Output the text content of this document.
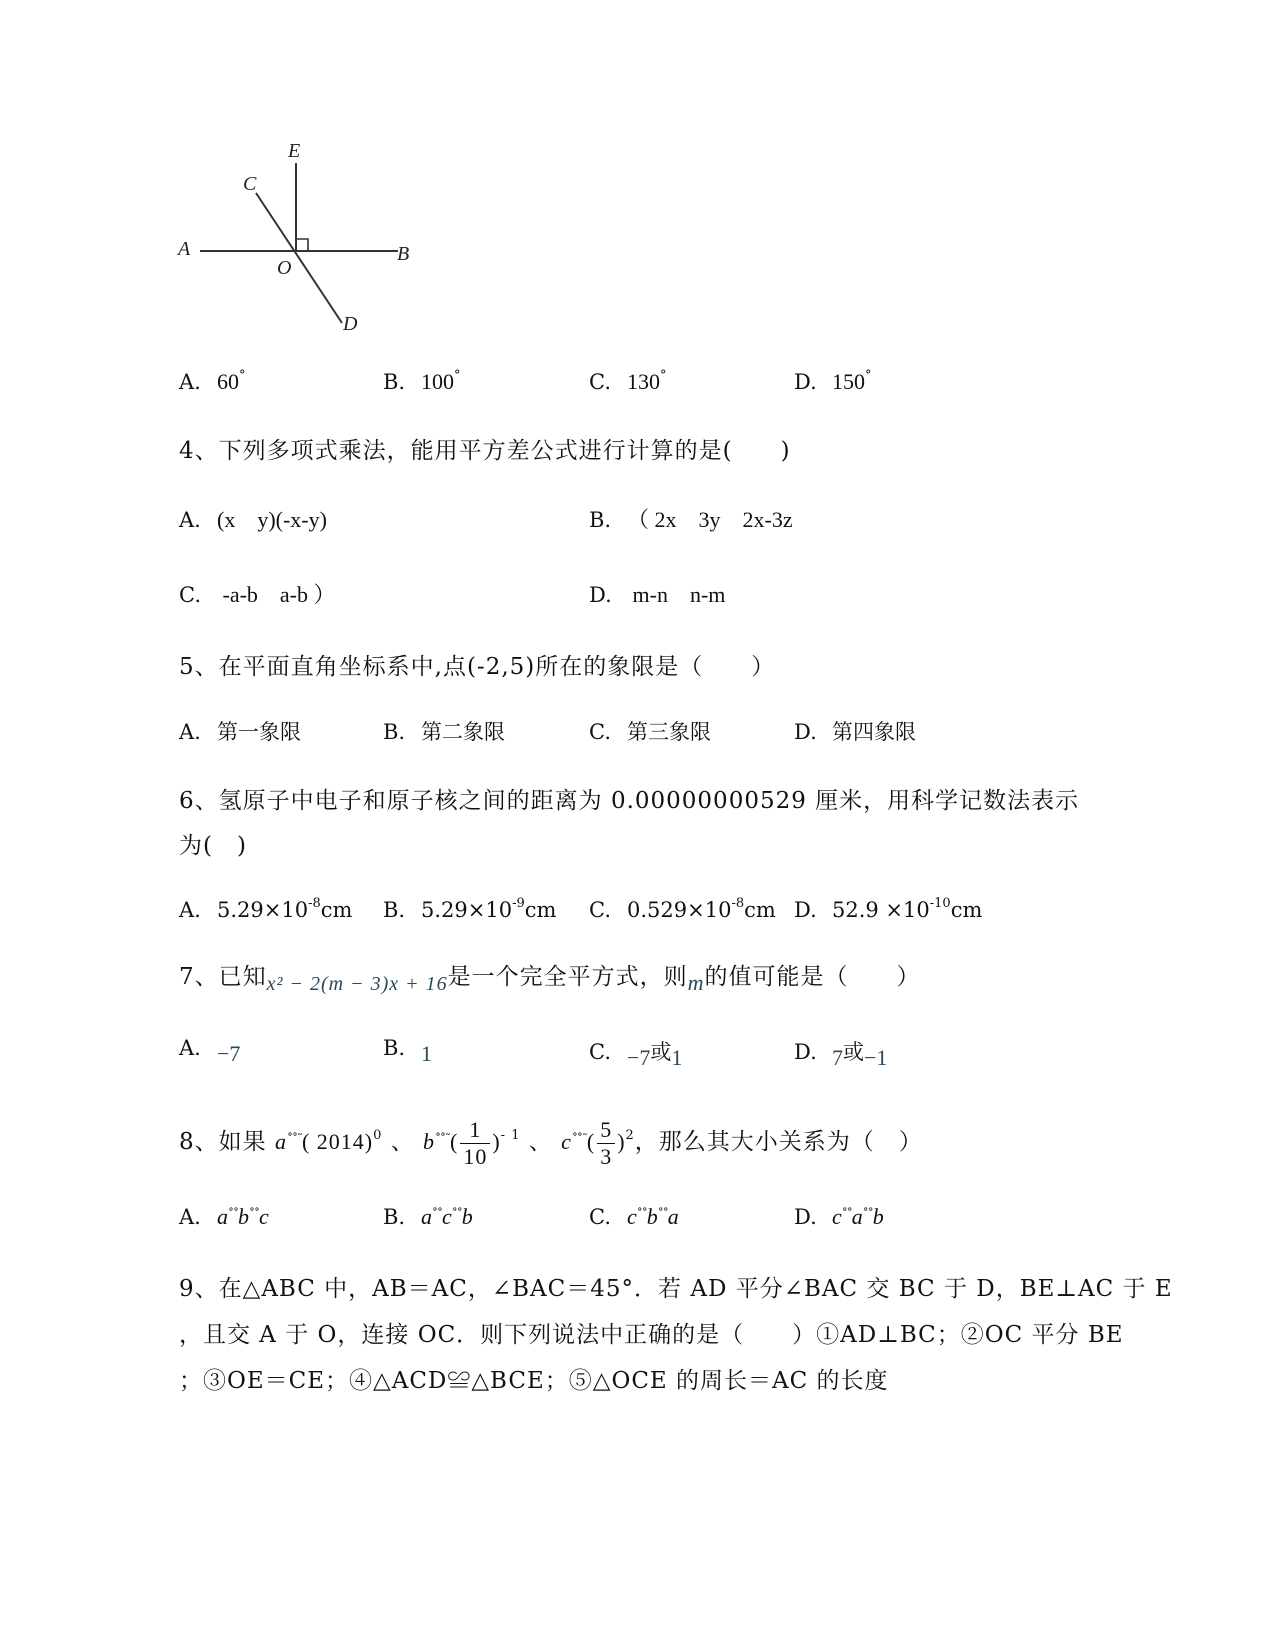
A	B
C
D
E
O
A. 60°	B. 100°	C. 130°	D. 150°
4、下列多项式乘法，能用平方差公式进行计算的是(　　)
A. (x　y)(-x-y)	B. （ 2x　3y　2x-3z
C. -a-b　a-b ）	D. m-n　n-m
5、在平面直角坐标系中,点(-2,5)所在的象限是（　　）
A. 第一象限	B. 第二象限	C. 第三象限	D. 第四象限
6、氢原子中电子和原子核之间的距离为 0.00000000529 厘米，用科学记数法表示
为(　)
A. $5.29\times 10^{-8}cm$ B. $5.29\times 10^{-9}cm$ C. $0.529\times 10^{-8}cm$ D. $52.9 \times 10^{-10}cm$
7、已知x² − 2(m − 3)x + 16是一个完全平方式，则m的值可能是（　　）
A. −7	B. 1	C. −7或1	D. 7或−1
8、如果 a˚˚˜( 2014)$^0$ 、 $b^{˚˚˜}( \frac{1}{10} )^{- 1}$ 、 $c^{˚˚˜}( \frac{5}{3} )^2$，那么其大小关系为（　）
A. a˚˚b˚˚c	B. a˚˚c˚˚b	C. c˚˚b˚˚a	D. c˚˚a˚˚b
9、在△ABC 中，AB＝AC，∠BAC＝45°．若 AD 平分∠BAC 交 BC 于 D，BE⊥AC 于 E
，且交 A 于 O，连接 OC．则下列说法中正确的是（　　）①AD⊥BC；②OC 平分 BE
；③OE＝CE；④△ACD≌△BCE；⑤△OCE 的周长＝AC 的长度
